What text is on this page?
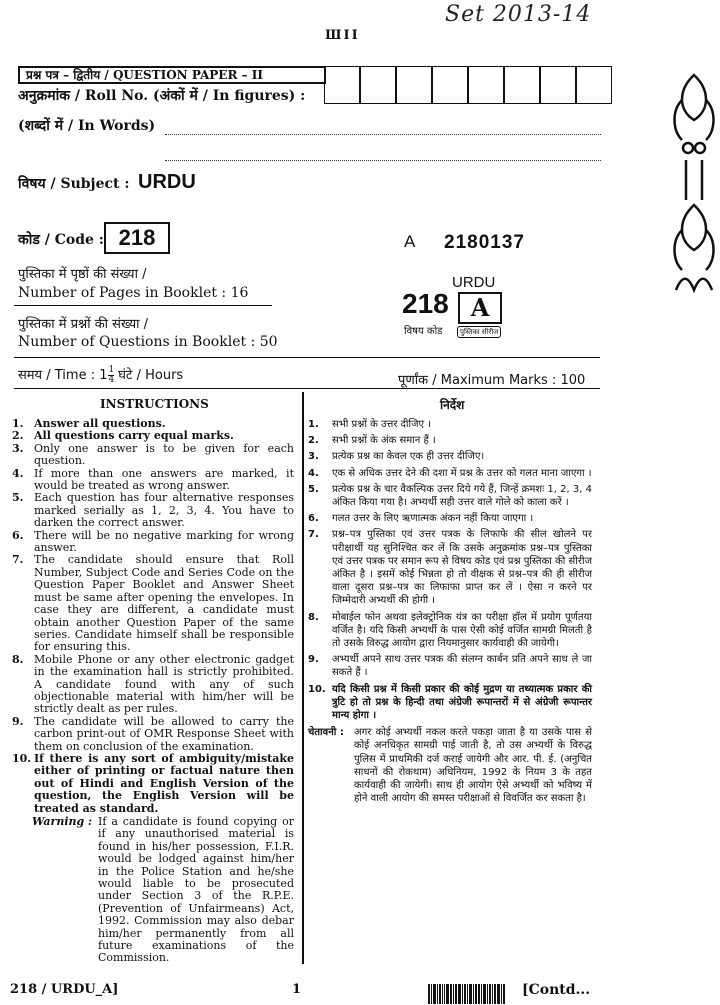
Set 2013-14
ШІІ
प्रश्न पत्र – द्वितीय / QUESTION PAPER – II
अनुक्रमांक / Roll No. (अंकों में / In figures) :
(शब्दों में / In Words)
विषय / Subject : URDU
कोड / Code : 218	A 2180137
URDU
218 A
विषय कोड	पुस्तिका सीरीज
पुस्तिका में पृष्ठों की संख्या /
Number of Pages in Booklet : 16
पुस्तिका में प्रश्नों की संख्या /
Number of Questions in Booklet : 50
समय / Time : $1 \frac{1}{4}$ घंटे / Hours	पूर्णांक / Maximum Marks : 100
INSTRUCTIONS
1. Answer all questions.
2. All questions carry equal marks.
3. Only one answer is to be given for each question.
4. If more than one answers are marked, it would be treated as wrong answer.
5. Each question has four alternative responses marked serially as 1, 2, 3, 4. You have to darken the correct answer.
6. There will be no negative marking for wrong answer.
7. The candidate should ensure that Roll Number, Subject Code and Series Code on the Question Paper Booklet and Answer Sheet must be same after opening the envelopes. In case they are different, a candidate must obtain another Question Paper of the same series. Candidate himself shall be responsible for ensuring this.
8. Mobile Phone or any other electronic gadget in the examination hall is strictly prohibited. A candidate found with any of such objectionable material with him/her will be strictly dealt as per rules.
9. The candidate will be allowed to carry the carbon print-out of OMR Response Sheet with them on conclusion of the examination.
10. If there is any sort of ambiguity/mistake either of printing or factual nature then out of Hindi and English Version of the question, the English Version will be treated as standard.
Warning : If a candidate is found copying or if any unauthorised material is found in his/her possession, F.I.R. would be lodged against him/her in the Police Station and he/she would liable to be prosecuted under Section 3 of the R.P.E. (Prevention of Unfairmeans) Act, 1992. Commission may also debar him/her permanently from all future examinations of the Commission.
निर्देश
1. सभी प्रश्नों के उत्तर दीजिए ।
2. सभी प्रश्नों के अंक समान हैं ।
3. प्रत्येक प्रश्न का केवल एक ही उत्तर दीजिए।
4. एक से अधिक उत्तर देने की दशा में प्रश्न के उत्तर को गलत माना जाएगा ।
5. प्रत्येक प्रश्न के चार वैकल्पिक उत्तर दिये गये हैं, जिन्हें क्रमशः 1, 2, 3, 4 अंकित किया गया है। अभ्यर्थी सही उत्तर वाले गोले को काला करें ।
6. गलत उत्तर के लिए ऋणात्मक अंकन नहीं किया जाएगा ।
7. प्रश्न–पत्र पुस्तिका एवं उत्तर पत्रक के लिफाफे की सील खोलने पर परीक्षार्थी यह सुनिश्चित कर लें कि उसके अनुक्रमांक प्रश्न–पत्र पुस्तिका एवं उत्तर पत्रक पर समान रूप से विषय कोड एवं प्रश्न पुस्तिका की सीरीज अंकित है । इसमें कोई भिन्नता हो तो वीक्षक से प्रश्न–पत्र की ही सीरीज वाला दूसरा प्रश्न–पत्र का लिफाफा प्राप्त कर लें । ऐसा न करने पर जिम्मेदारी अभ्यर्थी की होगी ।
8. मोबाईल फोन अथवा इलेक्ट्रोनिक यंत्र का परीक्षा हॉल में प्रयोग पूर्णतया वर्जित है। यदि किसी अभ्यर्थी के पास ऐसी कोई वर्जित सामग्री मिलती है तो उसके विरुद्ध आयोग द्वारा नियमानुसार कार्यवाही की जायेगी।
9. अभ्यर्थी अपने साथ उत्तर पत्रक की संलग्न कार्बन प्रति अपने साथ ले जा सकते हैं ।
10. यदि किसी प्रश्न में किसी प्रकार की कोई मुद्रण या तथ्यात्मक प्रकार की त्रुटि हो तो प्रश्न के हिन्दी तथा अंग्रेजी रूपान्तरों में से अंग्रेजी रूपान्तर मान्य होगा ।
चेतावनी : अगर कोई अभ्यर्थी नकल करते पकड़ा जाता है या उसके पास से कोई अनधिकृत सामग्री पाई जाती है, तो उस अभ्यर्थी के विरुद्ध पुलिस में प्राथमिकी दर्ज कराई जायेगी और आर. पी. ई. (अनुचित साधनों की रोकथाम) अधिनियम, 1992 के नियम 3 के तहत कार्यवाही की जायेगी। साथ ही आयोग ऐसे अभ्यर्थी को भविष्य में होने वाली आयोग की समस्त परीक्षाओं से विवर्जित कर सकता है।
218 / URDU_A]	1	[Contd...
